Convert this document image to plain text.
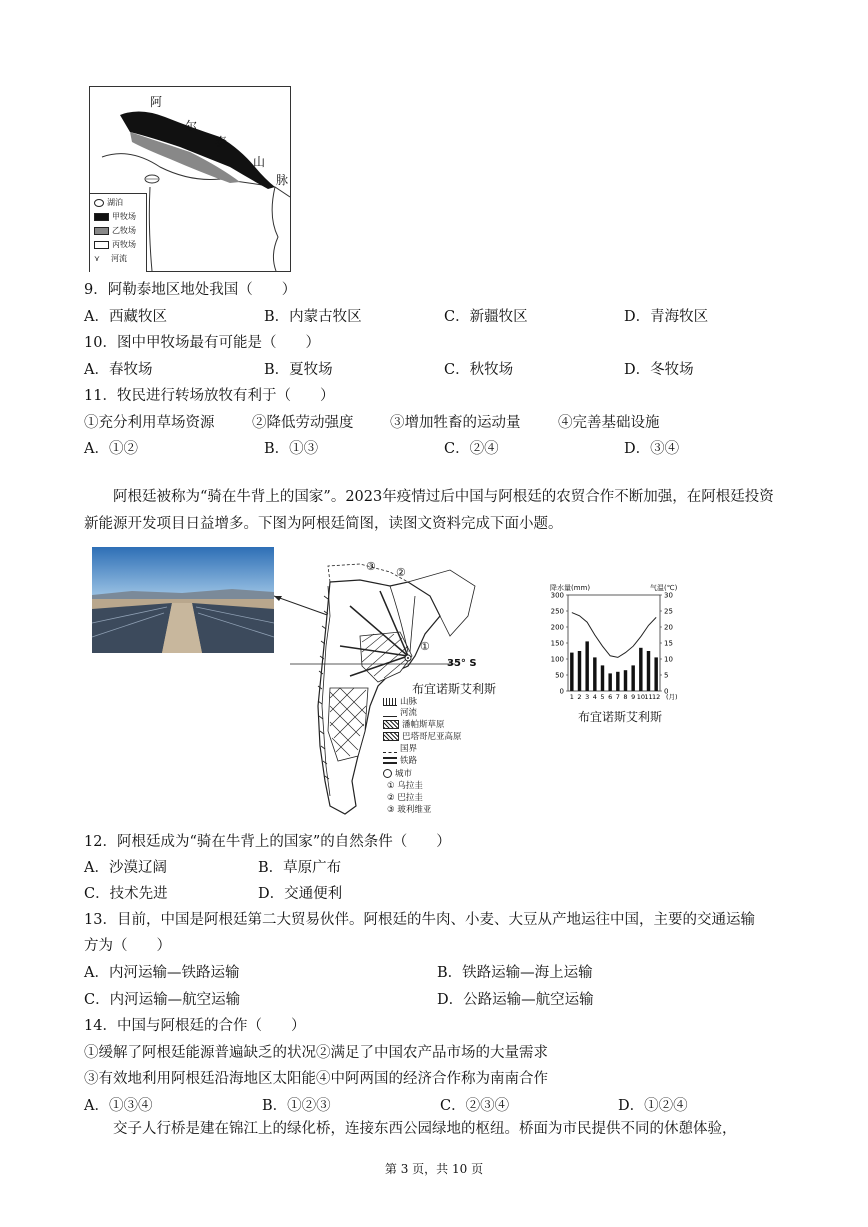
阿
尔
泰
山
脉
湖泊
甲牧场
乙牧场
丙牧场
⋎ 河流
9．阿勒泰地区地处我国（　　）
A．西藏牧区	B．内蒙古牧区	C．新疆牧区	D．青海牧区
10．图中甲牧场最有可能是（　　）
A．春牧场	B．夏牧场	C．秋牧场	D．冬牧场
11．牧民进行转场放牧有利于（　　）
①充分利用草场资源	②降低劳动强度	③增加牲畜的运动量	④完善基础设施
A．①②	B．①③	C．②④	D．③④
阿根廷被称为“骑在牛背上的国家”。2023年疫情过后中国与阿根廷的农贸合作不断加强，在阿根廷投资新能源开发项目日益增多。下图为阿根廷简图，读图文资料完成下面小题。
③ ②
①
35° S
布宜诺斯艾利斯
山脉
河流
潘帕斯草原
巴塔哥尼亚高原
国界
铁路
城市
① 乌拉圭
② 巴拉圭
③ 玻利维亚
0
50
100
150
200
250
300
0
5
10
15
20
25
30
1 2 3 4 5 6 7 8 9 10 11 12 (月)
降水量(mm)	气温(℃)
布宜诺斯艾利斯
12．阿根廷成为“骑在牛背上的国家”的自然条件（　　）
A．沙漠辽阔	B．草原广布
C．技术先进	D．交通便利
13．目前，中国是阿根廷第二大贸易伙伴。阿根廷的牛肉、小麦、大豆从产地运往中国，主要的交通运输
方为（　　）
A．内河运输—铁路运输	B．铁路运输—海上运输
C．内河运输—航空运输	D．公路运输—航空运输
14．中国与阿根廷的合作（　　）
①缓解了阿根廷能源普遍缺乏的状况②满足了中国农产品市场的大量需求
③有效地利用阿根廷沿海地区太阳能④中阿两国的经济合作称为南南合作
A．①③④	B．①②③	C．②③④	D．①②④
交子人行桥是建在锦江上的绿化桥，连接东西公园绿地的枢纽。桥面为市民提供不同的休憩体验，
第 3 页，共 10 页
